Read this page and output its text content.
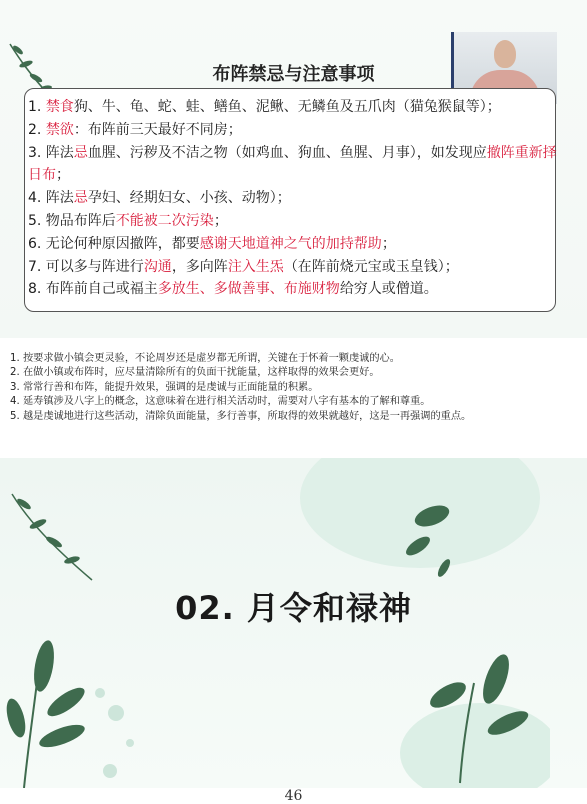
布阵禁忌与注意事项
1. 禁食狗、牛、龟、蛇、蛙、鳝鱼、泥鳅、无鳞鱼及五爪肉（猫兔猴鼠等）；
2. 禁欲：布阵前三天最好不同房；
3. 阵法忌血腥、污秽及不洁之物（如鸡血、狗血、鱼腥、月事），如发现应撤阵重新择日布；
4. 阵法忌孕妇、经期妇女、小孩、动物）；
5. 物品布阵后不能被二次污染；
6. 无论何种原因撤阵，都要感谢天地道神之气的加持帮助；
7. 可以多与阵进行沟通，多向阵注入生炁（在阵前烧元宝或玉皇钱）；
8. 布阵前自己或福主多放生、多做善事、布施财物给穷人或僧道。
1. 按要求做小镇会更灵验，不论周岁还是虚岁都无所谓，关键在于怀着一颗虔诚的心。
2. 在做小镇或布阵时，应尽量清除所有的负面干扰能量，这样取得的效果会更好。
3. 常常行善和布阵，能提升效果，强调的是虔诚与正面能量的积累。
4. 延寿镇涉及八字上的概念，这意味着在进行相关活动时，需要对八字有基本的了解和尊重。
5. 越是虔诚地进行这些活动，清除负面能量，多行善事，所取得的效果就越好，这是一再强调的重点。
02. 月令和禄神
46
